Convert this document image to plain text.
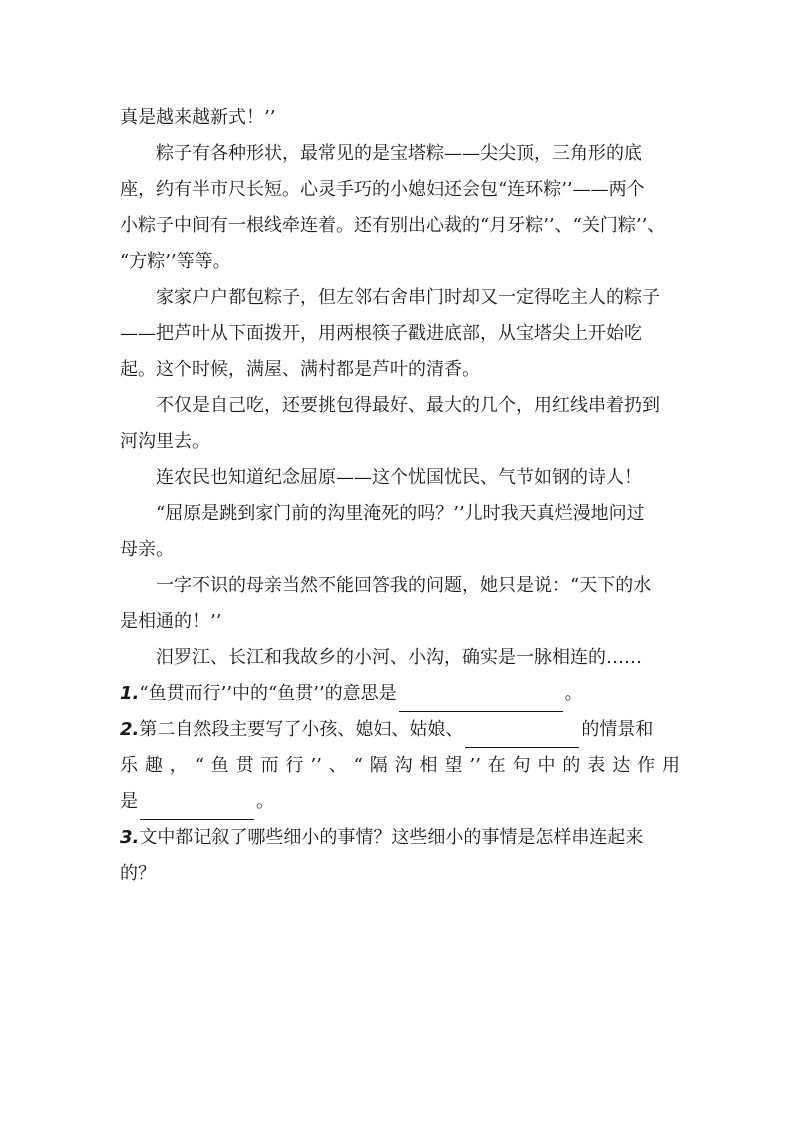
真是越来越新式！’’

粽子有各种形状，最常见的是宝塔粽——尖尖顶，三角形的底

座，约有半市尺长短。心灵手巧的小媳妇还会包“连环粽’’——两个

小粽子中间有一根线牵连着。还有别出心裁的“月牙粽’’、“关门粽’’、

“方粽’’等等。

家家户户都包粽子，但左邻右舍串门时却又一定得吃主人的粽子

——把芦叶从下面拨开，用两根筷子戳进底部，从宝塔尖上开始吃

起。这个时候，满屋、满村都是芦叶的清香。

不仅是自己吃，还要挑包得最好、最大的几个，用红线串着扔到

河沟里去。

连农民也知道纪念屈原——这个忧国忧民、气节如钢的诗人！

“屈原是跳到家门前的沟里淹死的吗？’’儿时我天真烂漫地问过

母亲。

一字不识的母亲当然不能回答我的问题，她只是说：“天下的水

是相通的！’’

汨罗江、长江和我故乡的小河、小沟，确实是一脉相连的……

1.“鱼贯而行’’中的“鱼贯’’的意思是	。

2.第二自然段主要写了小孩、媳妇、姑娘、	的情景和

乐趣，“鱼贯而行’’、“隔沟相望’’在句中的表达作用

是	。

3.文中都记叙了哪些细小的事情？这些细小的事情是怎样串连起来

的？
